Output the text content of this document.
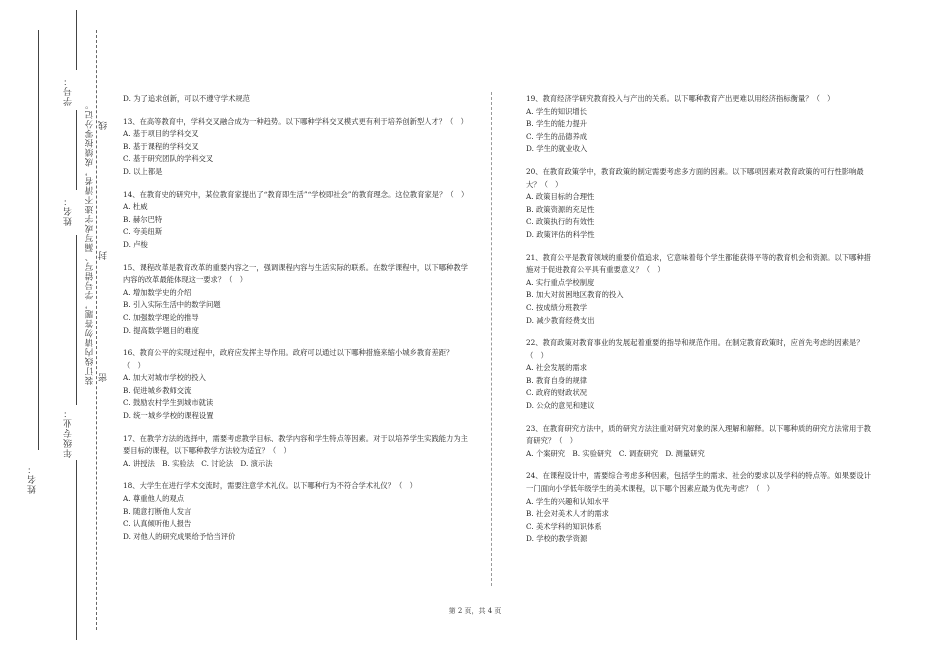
学号：
姓名：
年级专业：
装订线内请勿答题，学号错写、漏写或字迹不清者，成绩按零分记。 线
封
密
姓名：
D. 为了追求创新，可以不遵守学术规范
13、在高等教育中，学科交叉融合成为一种趋势。以下哪种学科交叉模式更有利于培养创新型人才？（　）
A. 基于项目的学科交叉
B. 基于课程的学科交叉
C. 基于研究团队的学科交叉
D. 以上都是
14、在教育史的研究中，某位教育家提出了“教育即生活”“学校即社会”的教育理念。这位教育家是？（　）
A. 杜威
B. 赫尔巴特
C. 夸美纽斯
D. 卢梭
15、课程改革是教育改革的重要内容之一，强调课程内容与生活实际的联系。在数学课程中，以下哪种教学内容的改革最能体现这一要求？（　）
A. 增加数学史的介绍
B. 引入实际生活中的数学问题
C. 加强数学理论的推导
D. 提高数学题目的难度
16、教育公平的实现过程中，政府应发挥主导作用。政府可以通过以下哪种措施来缩小城乡教育差距？（　）
A. 加大对城市学校的投入
B. 促进城乡教师交流
C. 鼓励农村学生到城市就读
D. 统一城乡学校的课程设置
17、在教学方法的选择中，需要考虑教学目标、教学内容和学生特点等因素。对于以培养学生实践能力为主要目标的课程，以下哪种教学方法较为适宜？（　）
A. 讲授法　B. 实验法　C. 讨论法　D. 演示法
18、大学生在进行学术交流时，需要注意学术礼仪。以下哪种行为不符合学术礼仪？（　）
A. 尊重他人的观点
B. 随意打断他人发言
C. 认真倾听他人报告
D. 对他人的研究成果给予恰当评价
19、教育经济学研究教育投入与产出的关系。以下哪种教育产出更难以用经济指标衡量？（　）
A. 学生的知识增长
B. 学生的能力提升
C. 学生的品德养成
D. 学生的就业收入
20、在教育政策学中，教育政策的制定需要考虑多方面的因素。以下哪项因素对教育政策的可行性影响最大？（　）
A. 政策目标的合理性
B. 政策资源的充足性
C. 政策执行的有效性
D. 政策评估的科学性
21、教育公平是教育领域的重要价值追求，它意味着每个学生都能获得平等的教育机会和资源。以下哪种措施对于促进教育公平具有重要意义？（　）
A. 实行重点学校制度
B. 加大对贫困地区教育的投入
C. 按成绩分班教学
D. 减少教育经费支出
22、教育政策对教育事业的发展起着重要的指导和规范作用。在制定教育政策时，应首先考虑的因素是？（　）
A. 社会发展的需求
B. 教育自身的规律
C. 政府的财政状况
D. 公众的意见和建议
23、在教育研究方法中，质的研究方法注重对研究对象的深入理解和解释。以下哪种质的研究方法常用于教育研究？（　）
A. 个案研究　B. 实验研究　C. 调查研究　D. 测量研究
24、在课程设计中，需要综合考虑多种因素，包括学生的需求、社会的要求以及学科的特点等。如果要设计一门面向小学低年级学生的美术课程，以下哪个因素应最为优先考虑？（　）
A. 学生的兴趣和认知水平
B. 社会对美术人才的需求
C. 美术学科的知识体系
D. 学校的教学资源
第 2 页，共 4 页
